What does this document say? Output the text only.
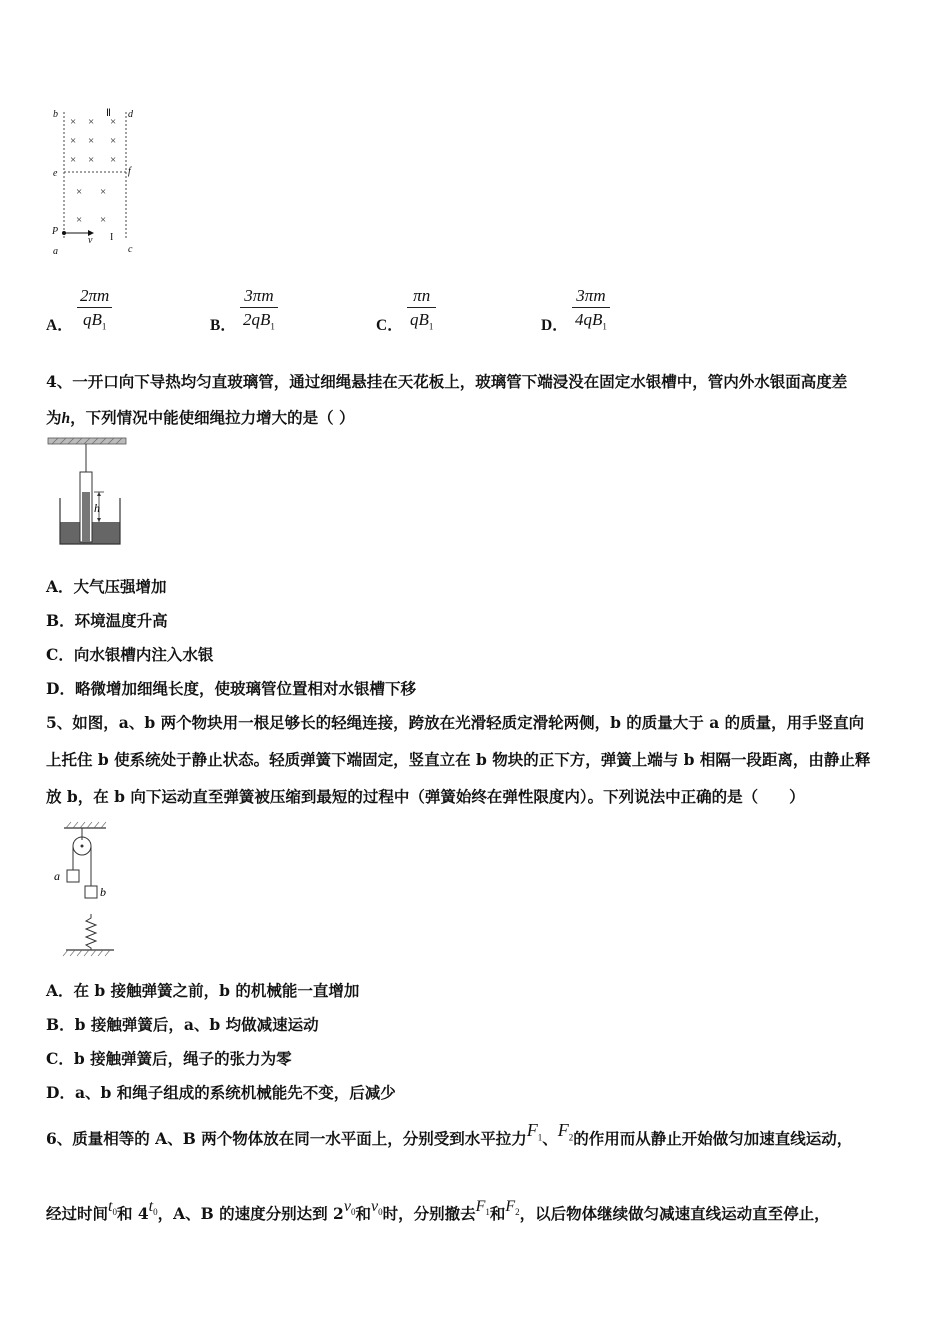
× × ×
× × ×
× × ×
× ×
× ×
b	Ⅱ d
e	f
P
v I
a	c
A． $\frac{2\pi m}{qB_1}$	B． $\frac{3\pi m}{2qB_1}$	C． $\frac{\pi n}{qB_1}$	D． $\frac{3\pi m}{4qB_1}$
4、一开口向下导热均匀直玻璃管，通过细绳悬挂在天花板上，玻璃管下端浸没在固定水银槽中，管内外水银面高度差
为h，下列情况中能使细绳拉力增大的是（ ）
h
A．大气压强增加
B．环境温度升高
C．向水银槽内注入水银
D．略微增加细绳长度，使玻璃管位置相对水银槽下移
5、如图，a、b 两个物块用一根足够长的轻绳连接，跨放在光滑轻质定滑轮两侧，b 的质量大于 a 的质量，用手竖直向
上托住 b 使系统处于静止状态。轻质弹簧下端固定，竖直立在 b 物块的正下方，弹簧上端与 b 相隔一段距离，由静止释
放 b，在 b 向下运动直至弹簧被压缩到最短的过程中（弹簧始终在弹性限度内）。下列说法中正确的是（　　）
a
b
A．在 b 接触弹簧之前，b 的机械能一直增加
B．b 接触弹簧后，a、b 均做减速运动
C．b 接触弹簧后，绳子的张力为零
D．a、b 和绳子组成的系统机械能先不变，后减少
6、质量相等的 A、B 两个物体放在同一水平面上，分别受到水平拉力$F_1$、$F_2$的作用而从静止开始做匀加速直线运动，
经过时间$t_0$和 $4t_0$，A、B 的速度分别达到 $2v_0$和$v_0$时，分别撤去$F_1$和$F_2$，以后物体继续做匀减速直线运动直至停止，
